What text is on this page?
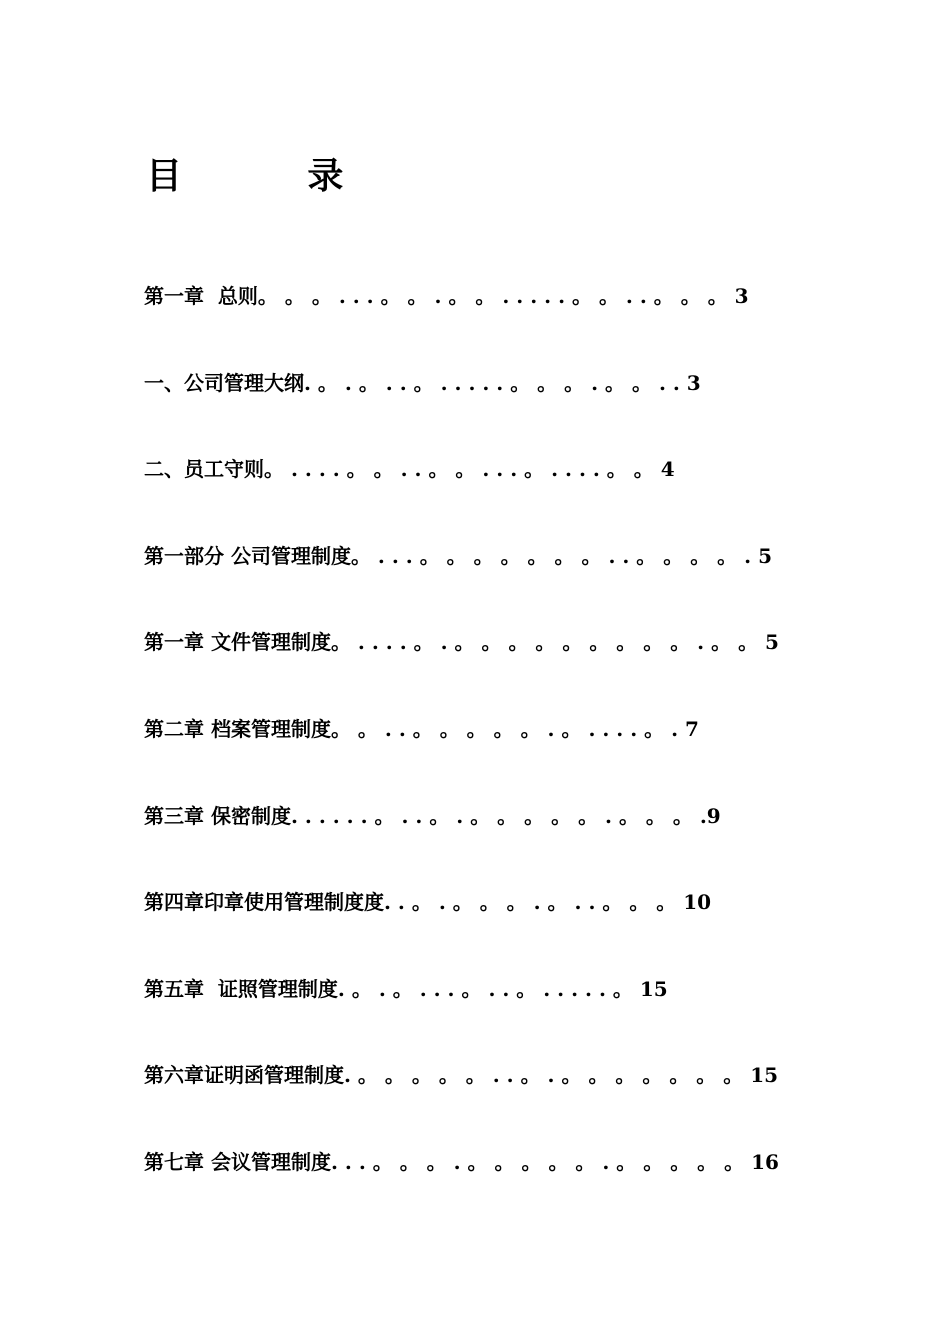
目          录
第一章  总则。 。 。 . . . 。 。 . 。 。 . . . . . 。 。 . . 。 。 。 3
一、公司管理大纲. 。 . 。 . . 。 . . . . . 。 。 。 . 。 。 . . 3
二、员工守则。 . . . . 。 。 . . 。 。 . . . 。 . . . . 。 。 4
第一部分 公司管理制度。 . . . 。 。 。 。 。 。 。 . . 。 。 。 。 . 5
第一章 文件管理制度。 . . . . 。 . 。 。 。 。 。 。 。 。 。 . 。 。 5
第二章 档案管理制度。 。 . . 。 。 。 。 。 . 。 . . . . 。 . 7
第三章 保密制度. . . . . . 。 . . 。 . 。 。 。 。 。 . 。 。 。 .9
第四章印章使用管理制度度. . 。 . 。 。 。 . 。 . . 。 。 。 10
第五章  证照管理制度. 。 . 。 . . . 。 . . 。 . . . . . 。 15
第六章证明函管理制度. 。 。 。 。 。 . . 。 . 。 。 。 。 。 。 。 15
第七章 会议管理制度. . . 。 。 。 . 。 。 。 。 。 . 。 。 。 。 。 16
